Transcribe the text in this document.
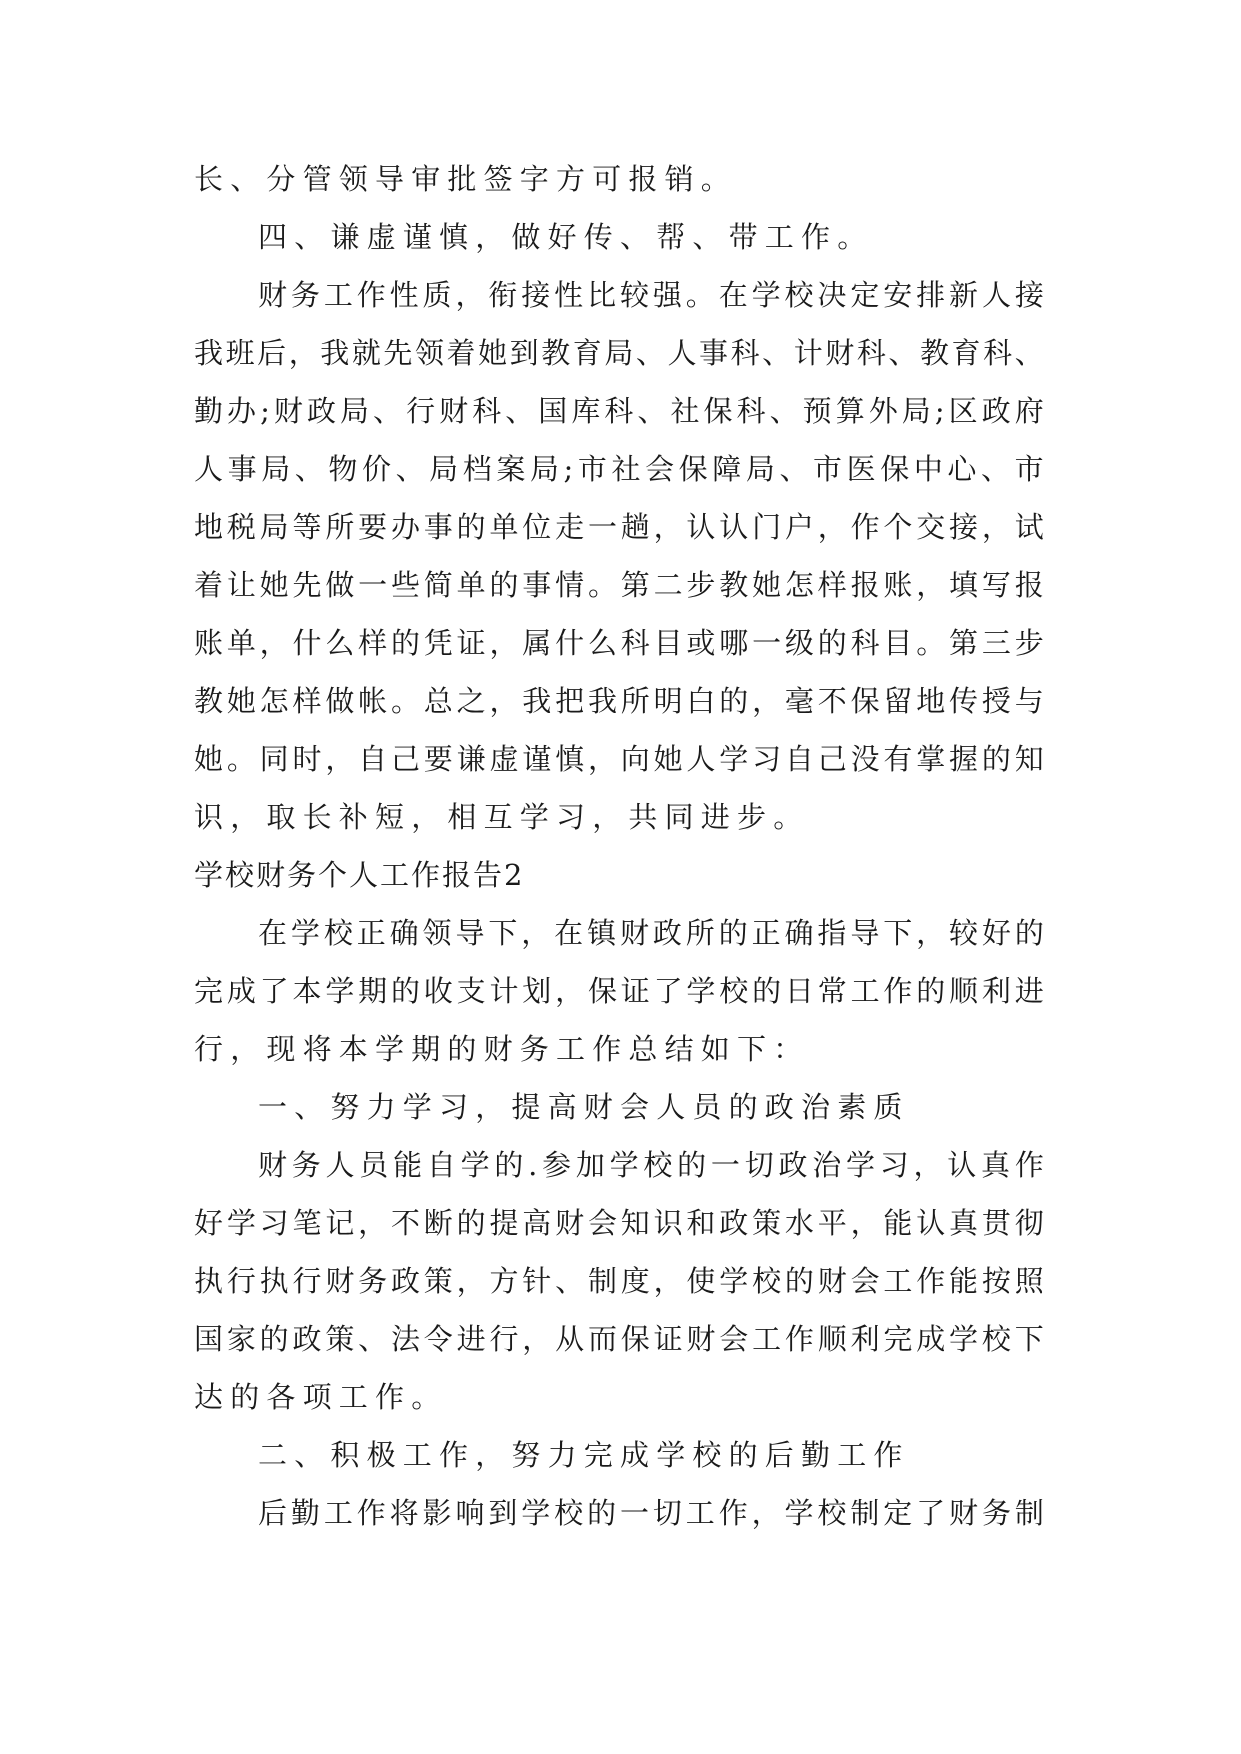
长、分管领导审批签字方可报销。
四、谦虚谨慎，做好传、帮、带工作。
财 务 工 作 性 质 ， 衔 接 性 比 较 强 。 在 学 校 决 定 安 排 新 人 接
我 班 后 ， 我 就 先 领 着 她 到 教 育 局 、 人 事 科 、 计 财 科 、 教 育 科 、
勤 办 ; 财 政 局 、 行 财 科 、 国 库 科 、 社 保 科 、 预 算 外 局 ; 区 政 府
人 事 局 、 物 价 、 局 档 案 局 ; 市 社 会 保 障 局 、 市 医 保 中 心 、 市
地 税 局 等 所 要 办 事 的 单 位 走 一 趟 ， 认 认 门 户 ， 作 个 交 接 ， 试
着 让 她 先 做 一 些 简 单 的 事 情 。 第 二 步 教 她 怎 样 报 账 ， 填 写 报
账 单 ， 什 么 样 的 凭 证 ， 属 什 么 科 目 或 哪 一 级 的 科 目 。 第 三 步
教 她 怎 样 做 帐 。 总 之 ， 我 把 我 所 明 白 的 ， 毫 不 保 留 地 传 授 与
她 。 同 时 ， 自 己 要 谦 虚 谨 慎 ， 向 她 人 学 习 自 己 没 有 掌 握 的 知
识，取长补短，相互学习，共同进步。
学校财务个人工作报告2
在 学 校 正 确 领 导 下 ， 在 镇 财 政 所 的 正 确 指 导 下 ， 较 好 的
完 成 了 本 学 期 的 收 支 计 划 ， 保 证 了 学 校 的 日 常 工 作 的 顺 利 进
行，现将本学期的财务工作总结如下：
一、努力学习，提高财会人员的政治素质
财 务 人 员 能 自 学 的 . 参 加 学 校 的 一 切 政 治 学 习 ， 认 真 作
好 学 习 笔 记 ， 不 断 的 提 高 财 会 知 识 和 政 策 水 平 ， 能 认 真 贯 彻
执 行 执 行 财 务 政 策 ， 方 针 、 制 度 ， 使 学 校 的 财 会 工 作 能 按 照
国 家 的 政 策 、 法 令 进 行 ， 从 而 保 证 财 会 工 作 顺 利 完 成 学 校 下
达的各项工作。
二、积极工作，努力完成学校的后勤工作
后 勤 工 作 将 影 响 到 学 校 的 一 切 工 作 ， 学 校 制 定 了 财 务 制
